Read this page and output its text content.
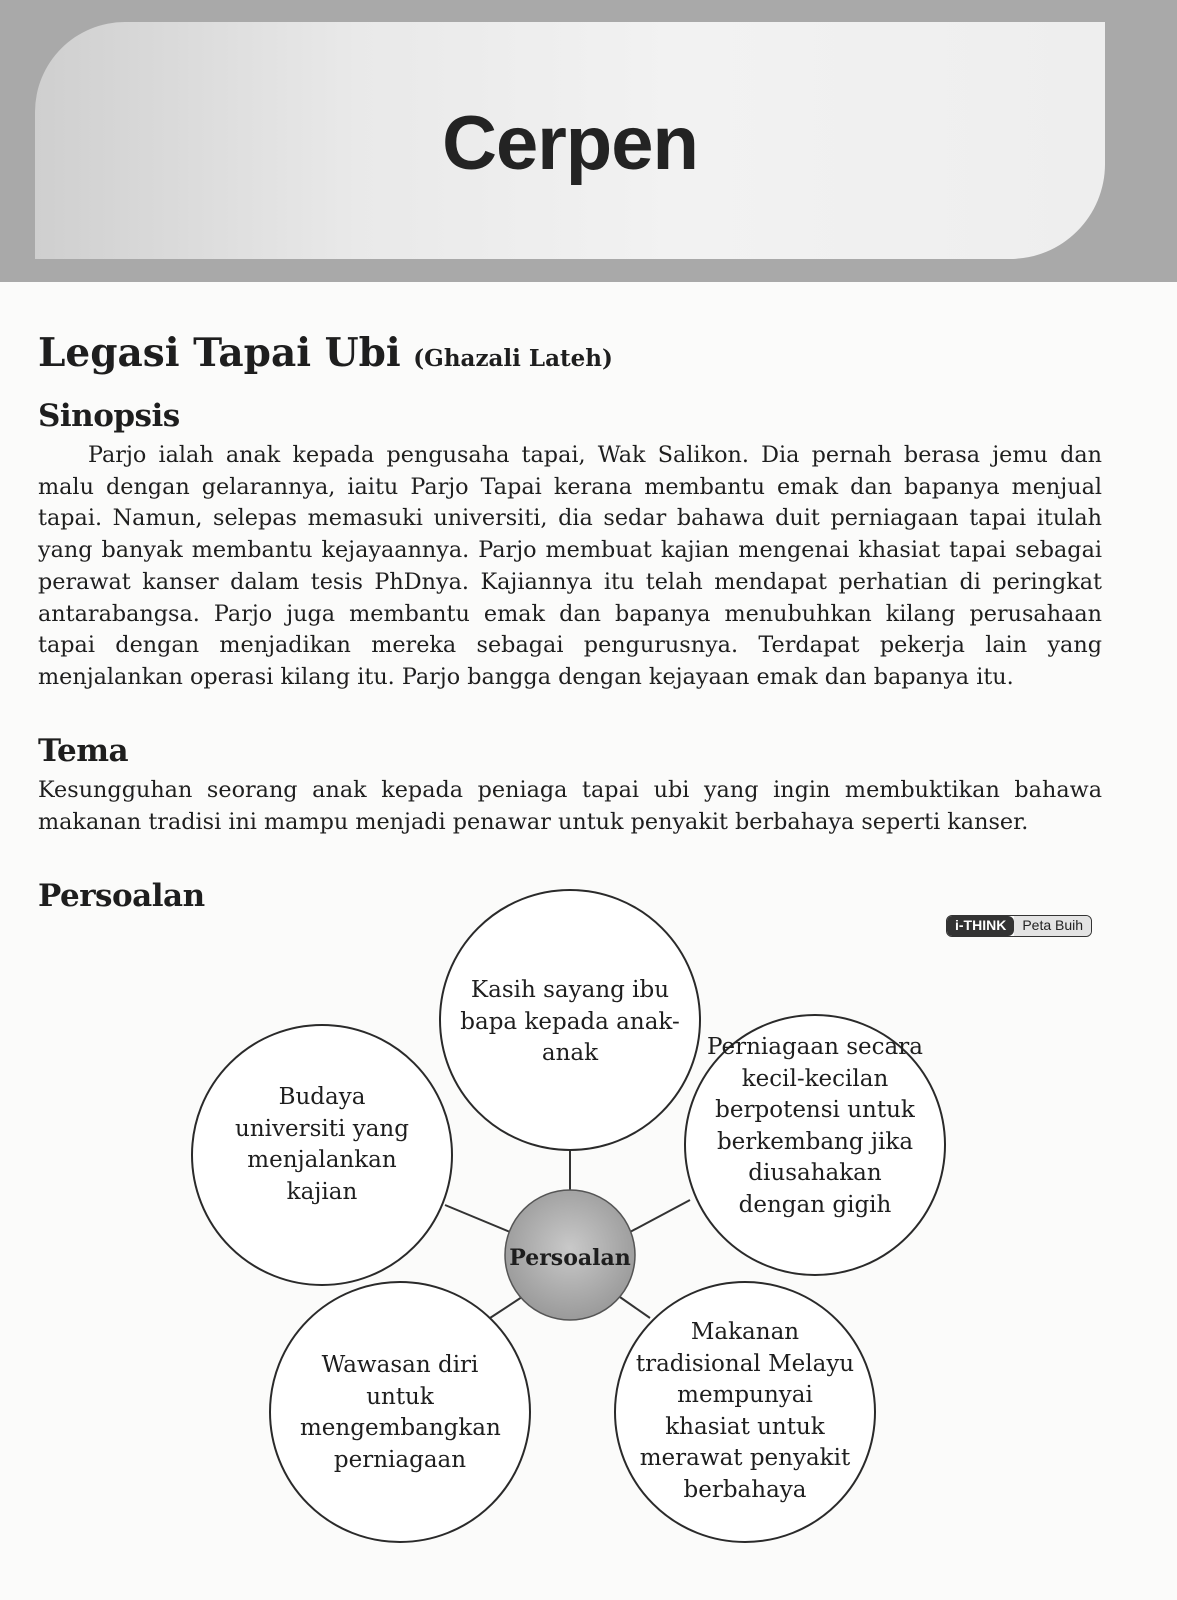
Cerpen
Legasi Tapai Ubi (Ghazali Lateh)
Sinopsis

Parjo ialah anak kepada pengusaha tapai, Wak Salikon. Dia pernah berasa jemu dan malu dengan gelarannya, iaitu Parjo Tapai kerana membantu emak dan bapanya menjual tapai. Namun, selepas memasuki universiti, dia sedar bahawa duit perniagaan tapai itulah yang banyak membantu kejayaannya. Parjo membuat kajian mengenai khasiat tapai sebagai perawat kanser dalam tesis PhDnya. Kajiannya itu telah mendapat perhatian di peringkat antarabangsa. Parjo juga membantu emak dan bapanya menubuhkan kilang perusahaan tapai dengan menjadikan mereka sebagai pengurusnya. Terdapat pekerja lain yang menjalankan operasi kilang itu. Parjo bangga dengan kejayaan emak dan bapanya itu.

Tema

Kesungguhan seorang anak kepada peniaga tapai ubi yang ingin membuktikan bahawa makanan tradisi ini mampu menjadi penawar untuk penyakit berbahaya seperti kanser.

Persoalan
i-THINK	Peta Buih
Persoalan
Kasih sayang ibu bapa kepada anak-anak
Budaya universiti yang menjalankan kajian
Perniagaan secara kecil-kecilan berpotensi untuk berkembang jika diusahakan dengan gigih
Wawasan diri untuk mengembangkan perniagaan
Makanan tradisional Melayu mempunyai khasiat untuk merawat penyakit berbahaya
